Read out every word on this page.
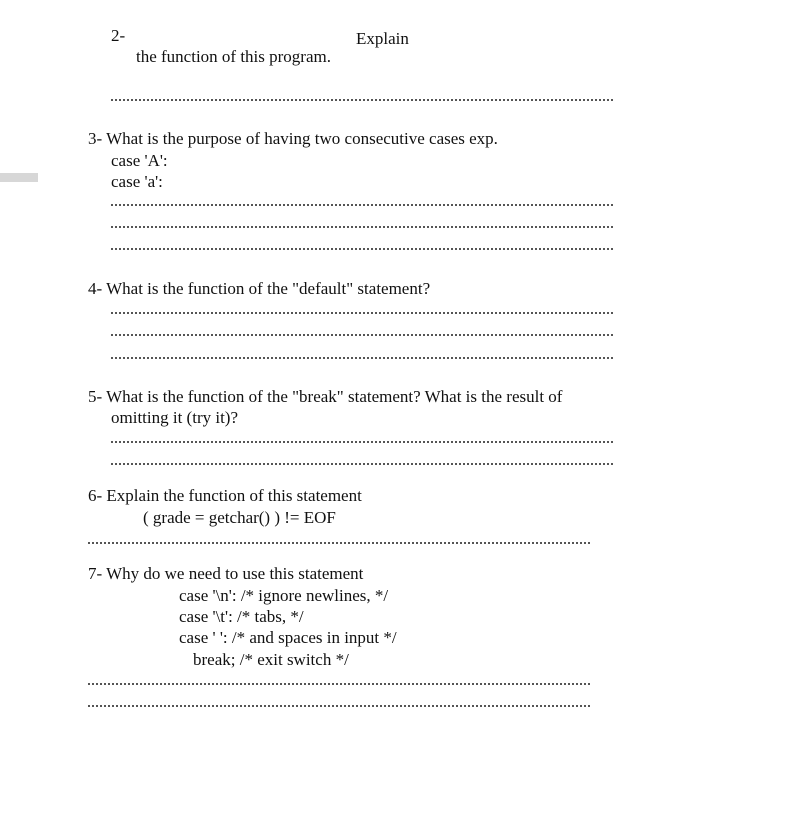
2-	Explain
the function of this program.
3- What is the purpose of having two consecutive cases exp.
case 'A':
case 'a':
4- What is the function of the "default" statement?
5- What is the function of the "break" statement? What is the result of
omitting it (try it)?
6- Explain the function of this statement
( grade = getchar() ) != EOF
7- Why do we need to use this statement
case '\n': /* ignore newlines, */
case '\t': /* tabs, */
case ' ': /* and spaces in input */
break; /* exit switch */
